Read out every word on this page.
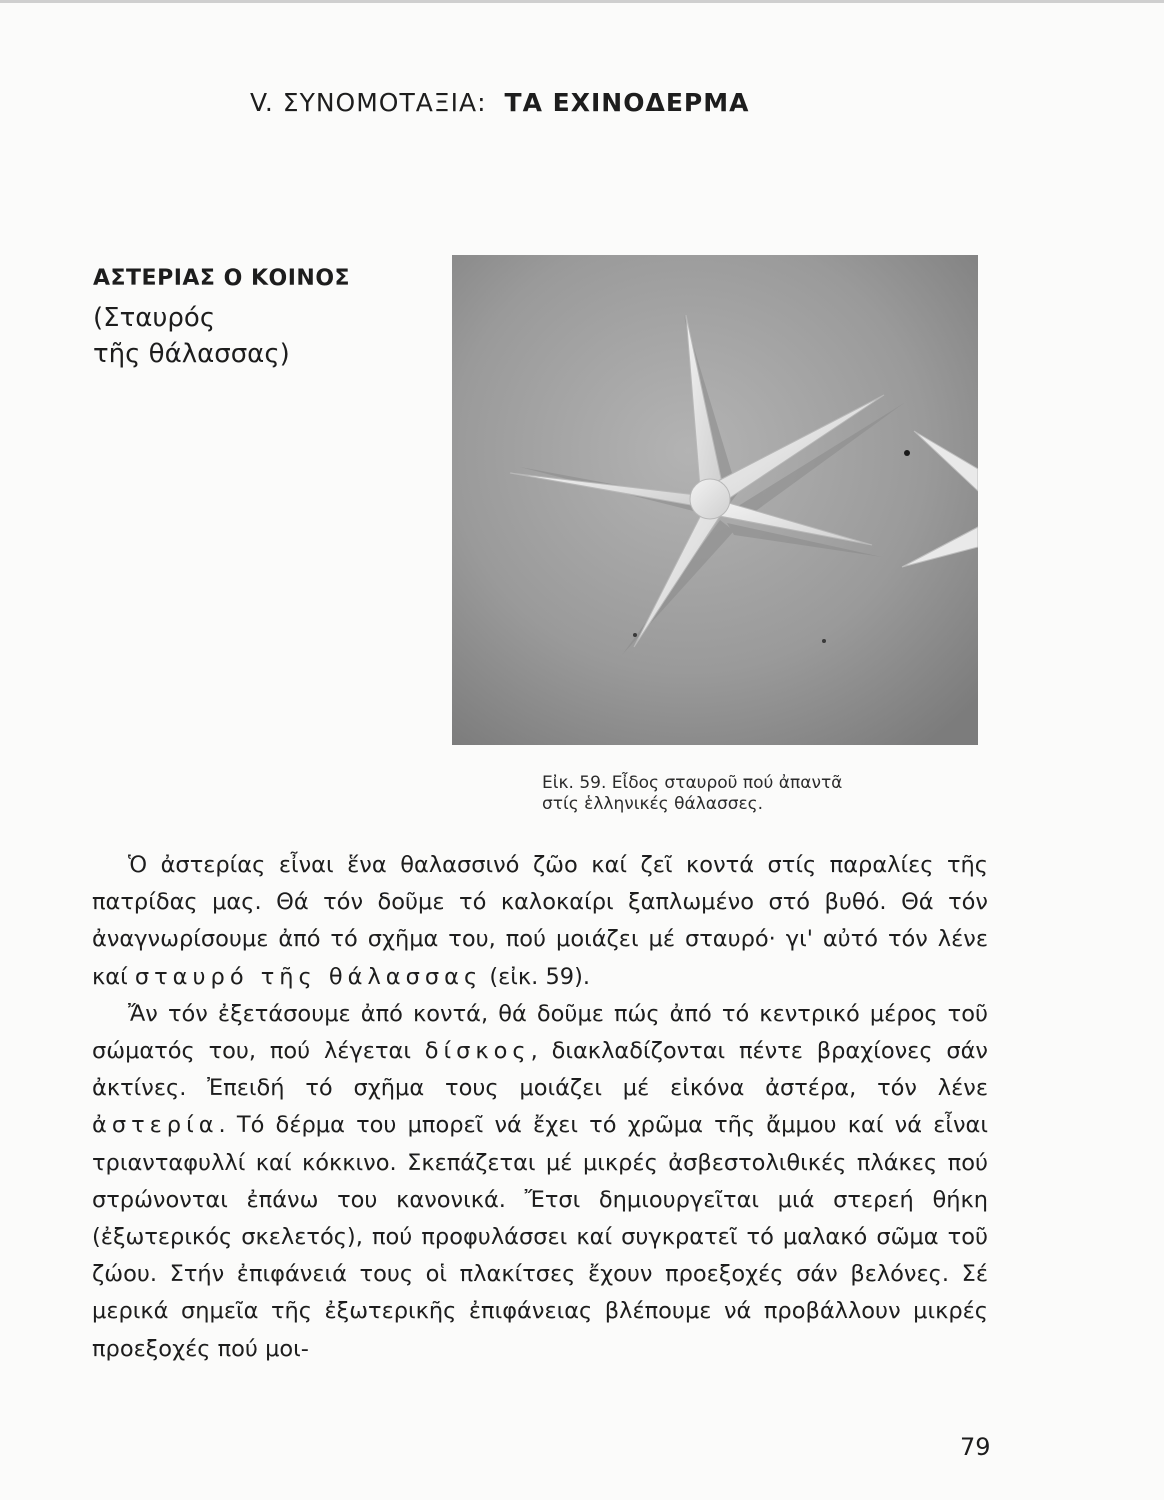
V. ΣΥΝΟΜΟΤΑΞΙΑ: ΤΑ ΕΧΙΝΟΔΕΡΜΑ
ΑΣΤΕΡΙΑΣ Ο ΚΟΙΝΟΣ
(Σταυρός
τῆς θάλασσας)
Εἰκ. 59. Εἶδος σταυροῦ πού ἀπαντᾶ
στίς ἑλληνικές θάλασσες.

Ὁ ἀστερίας εἶναι ἕνα θαλασσινό ζῶο καί ζεῖ κοντά στίς παραλίες τῆς πατρίδας μας. Θά τόν δοῦμε τό καλοκαίρι ξαπλωμένο στό βυθό. Θά τόν ἀναγνωρίσουμε ἀπό τό σχῆμα του, πού μοιάζει μέ σταυρό· γι' αὐτό τόν λένε καί σταυρό τῆς θάλασσας (εἰκ. 59).

Ἄν τόν ἐξετάσουμε ἀπό κοντά, θά δοῦμε πώς ἀπό τό κεντρικό μέρος τοῦ σώματός του, πού λέγεται δίσκος, διακλαδίζονται πέντε βραχίονες σάν ἀκτίνες. Ἐπειδή τό σχῆμα τους μοιάζει μέ εἰκόνα ἀστέρα, τόν λένε ἀστερία. Τό δέρμα του μπορεῖ νά ἔχει τό χρῶμα τῆς ἄμμου καί νά εἶναι τριανταφυλλί καί κόκκινο. Σκεπάζεται μέ μικρές ἀσβεστολιθικές πλάκες πού στρώνονται ἐπάνω του κανονικά. Ἔτσι δημιουργεῖται μιά στερεή θήκη (ἐξωτερικός σκελετός), πού προφυλάσσει καί συγκρατεῖ τό μαλακό σῶμα τοῦ ζώου. Στήν ἐπιφάνειά τους οἱ πλακίτσες ἔχουν προεξοχές σάν βελόνες. Σέ μερικά σημεῖα τῆς ἐξωτερικῆς ἐπιφάνειας βλέπουμε νά προβάλλουν μικρές προεξοχές πού μοι-

79
